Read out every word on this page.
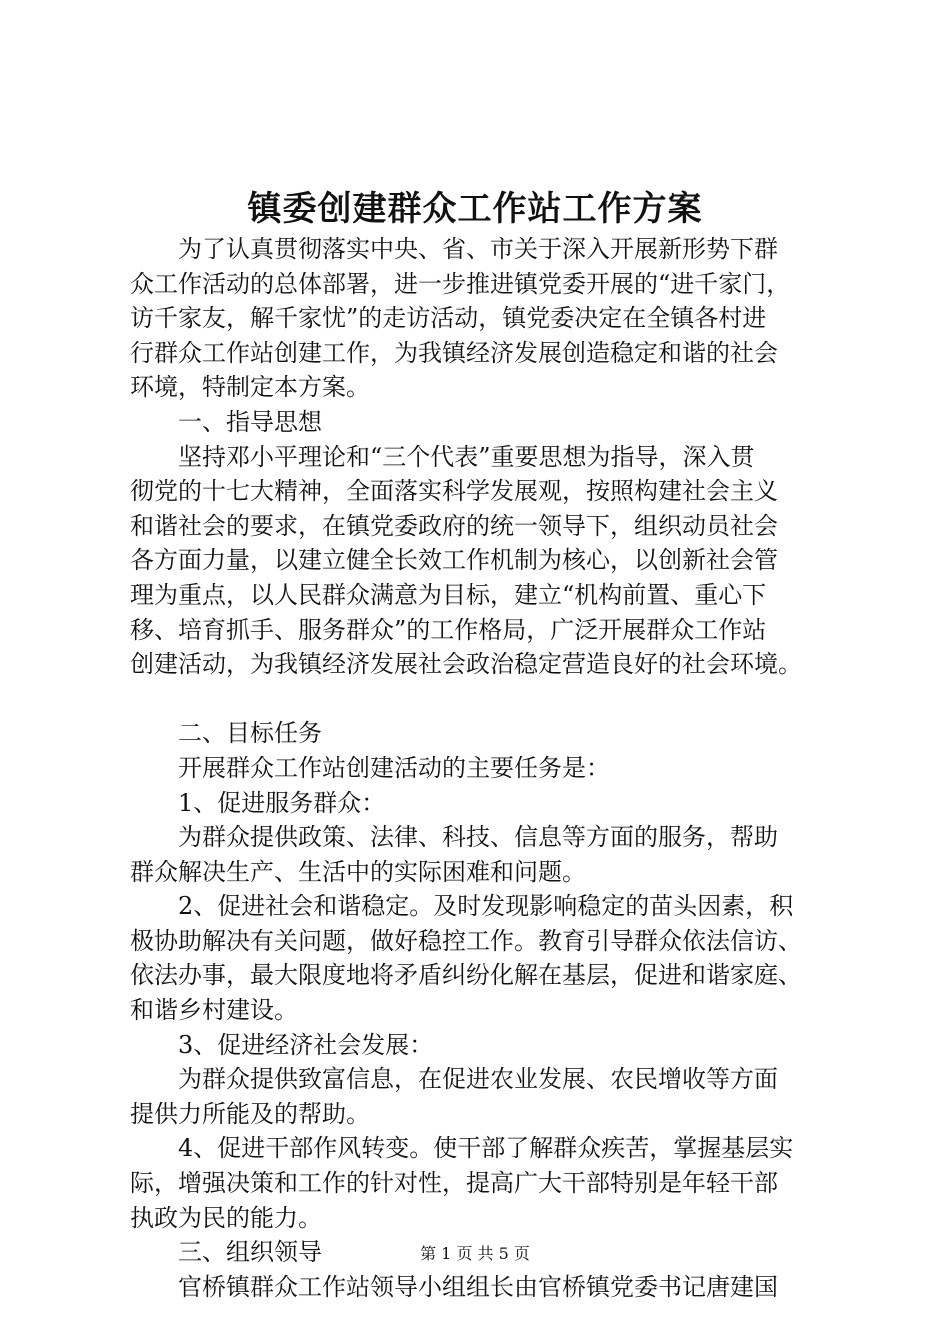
镇委创建群众工作站工作方案
　　为了认真贯彻落实中央、省、市关于深入开展新形势下群
众工作活动的总体部署，进一步推进镇党委开展的“进千家门，
访千家友，解千家忧”的走访活动，镇党委决定在全镇各村进
行群众工作站创建工作，为我镇经济发展创造稳定和谐的社会
环境，特制定本方案。
　　一、指导思想
　　坚持邓小平理论和“三个代表”重要思想为指导，深入贯
彻党的十七大精神，全面落实科学发展观，按照构建社会主义
和谐社会的要求，在镇党委政府的统一领导下，组织动员社会
各方面力量，以建立健全长效工作机制为核心，以创新社会管
理为重点，以人民群众满意为目标，建立“机构前置、重心下
移、培育抓手、服务群众”的工作格局，广泛开展群众工作站
创建活动，为我镇经济发展社会政治稳定营造良好的社会环境。
　　二、目标任务
　　开展群众工作站创建活动的主要任务是：
　　1、促进服务群众：
　　为群众提供政策、法律、科技、信息等方面的服务，帮助
群众解决生产、生活中的实际困难和问题。
　　2、促进社会和谐稳定。及时发现影响稳定的苗头因素，积
极协助解决有关问题，做好稳控工作。教育引导群众依法信访、
依法办事，最大限度地将矛盾纠纷化解在基层，促进和谐家庭、
和谐乡村建设。
　　3、促进经济社会发展：
　　为群众提供致富信息，在促进农业发展、农民增收等方面
提供力所能及的帮助。
　　4、促进干部作风转变。使干部了解群众疾苦，掌握基层实
际，增强决策和工作的针对性，提高广大干部特别是年轻干部
执政为民的能力。
　　三、组织领导
　　官桥镇群众工作站领导小组组长由官桥镇党委书记唐建国
第 1 页 共 5 页
